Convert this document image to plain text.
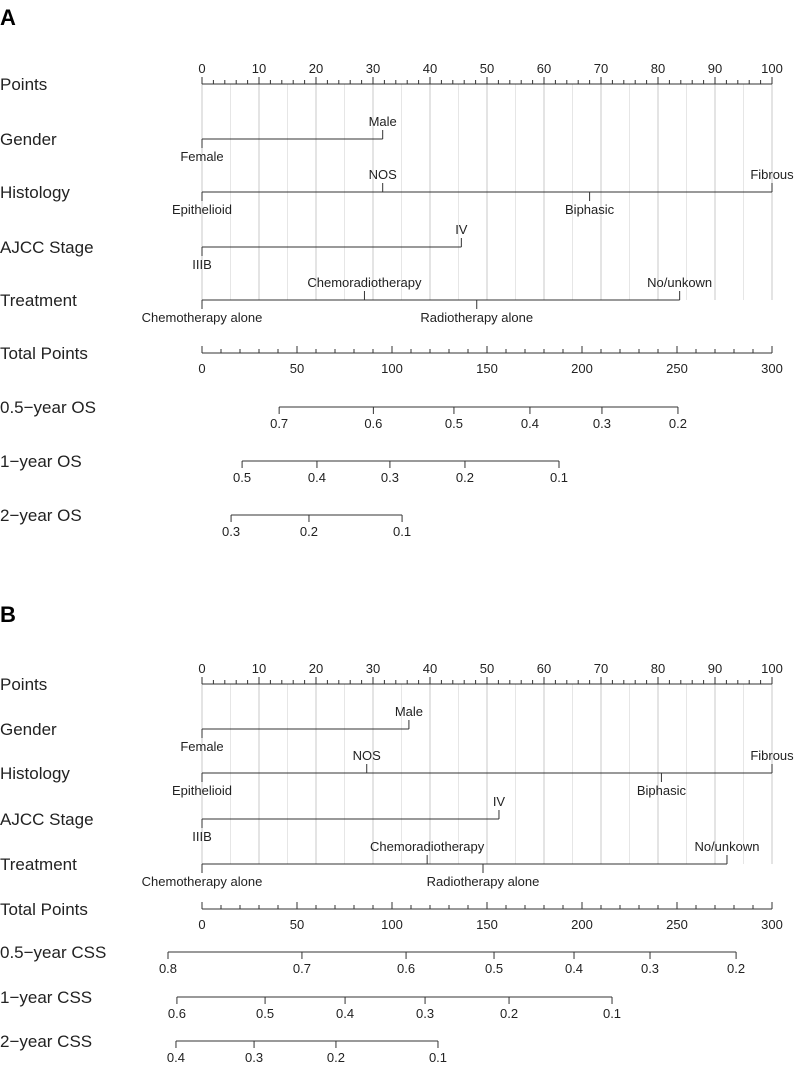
A
Points
0	10	20	30	40	50	60	70	80	90	100
Gender
Female
Male
Histology
Epithelioid
NOS
Biphasic
Fibrous
AJCC Stage
IIIB
IV
Treatment
Chemotherapy alone
Chemoradiotherapy
Radiotherapy alone
No/unkown
Total Points
0	50	100	150	200	250	300
0.5−year OS
0.7	0.6	0.5	0.4	0.3	0.2
1−year OS
0.5	0.4	0.3	0.2	0.1
2−year OS
0.3	0.2	0.1
B
Points
0	10	20	30	40	50	60	70	80	90	100
Gender
Female
Male
Histology
Epithelioid
NOS
Biphasic
Fibrous
AJCC Stage
IIIB
IV
Treatment
Chemotherapy alone
Chemoradiotherapy
Radiotherapy alone
No/unkown
Total Points
0	50	100	150	200	250	300
0.5−year CSS
0.8	0.7	0.6	0.5	0.4	0.3	0.2
1−year CSS
0.6	0.5	0.4	0.3	0.2	0.1
2−year CSS
0.4	0.3	0.2	0.1
